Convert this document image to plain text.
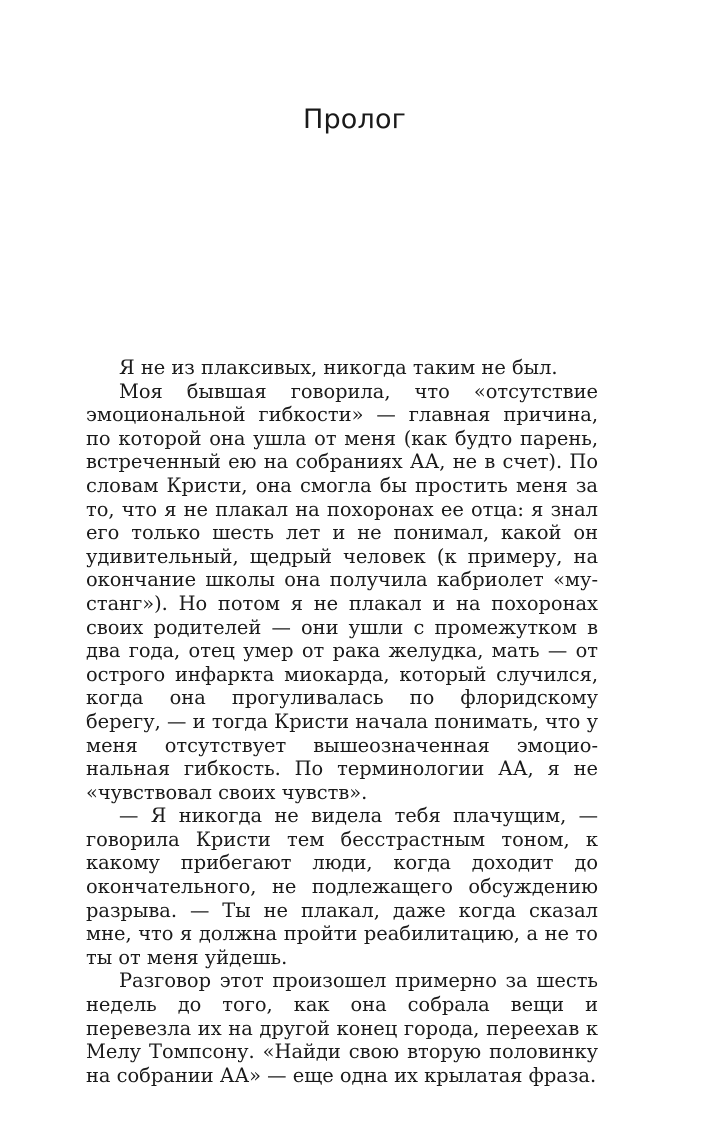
Пролог

Я не из плаксивых, никогда таким не был.

Моя бывшая говорила, что «отсутствие эмоциональной гибкости» — главная причина, по которой она ушла от меня (как будто парень, встреченный ею на собраниях АА, не в счет). По словам Кристи, она смогла бы простить меня за то, что я не плакал на похоронах ее отца: я знал его только шесть лет и не понимал, какой он удивительный, щедрый человек (к примеру, на окончание школы она получила кабриолет «мустанг»). Но потом я не плакал и на похоронах своих родителей — они ушли с промежутком в два года, отец умер от рака желудка, мать — от острого инфаркта миокарда, который случился, когда она прогуливалась по флоридскому берегу, — и тогда Кристи начала понимать, что у меня отсутствует вышеозначенная эмоциональная гибкость. По терминологии АА, я не «чувствовал своих чувств».

— Я никогда не видела тебя плачущим, — говорила Кристи тем бесстрастным тоном, к какому прибегают люди, когда доходит до окончательного, не подлежащего обсуждению разрыва. — Ты не плакал, даже когда сказал мне, что я должна пройти реабилитацию, а не то ты от меня уйдешь.

Разговор этот произошел примерно за шесть недель до того, как она собрала вещи и перевезла их на другой конец города, переехав к Мелу Томпсону. «Найди свою вторую половинку на собрании АА» — еще одна их крылатая фраза.
